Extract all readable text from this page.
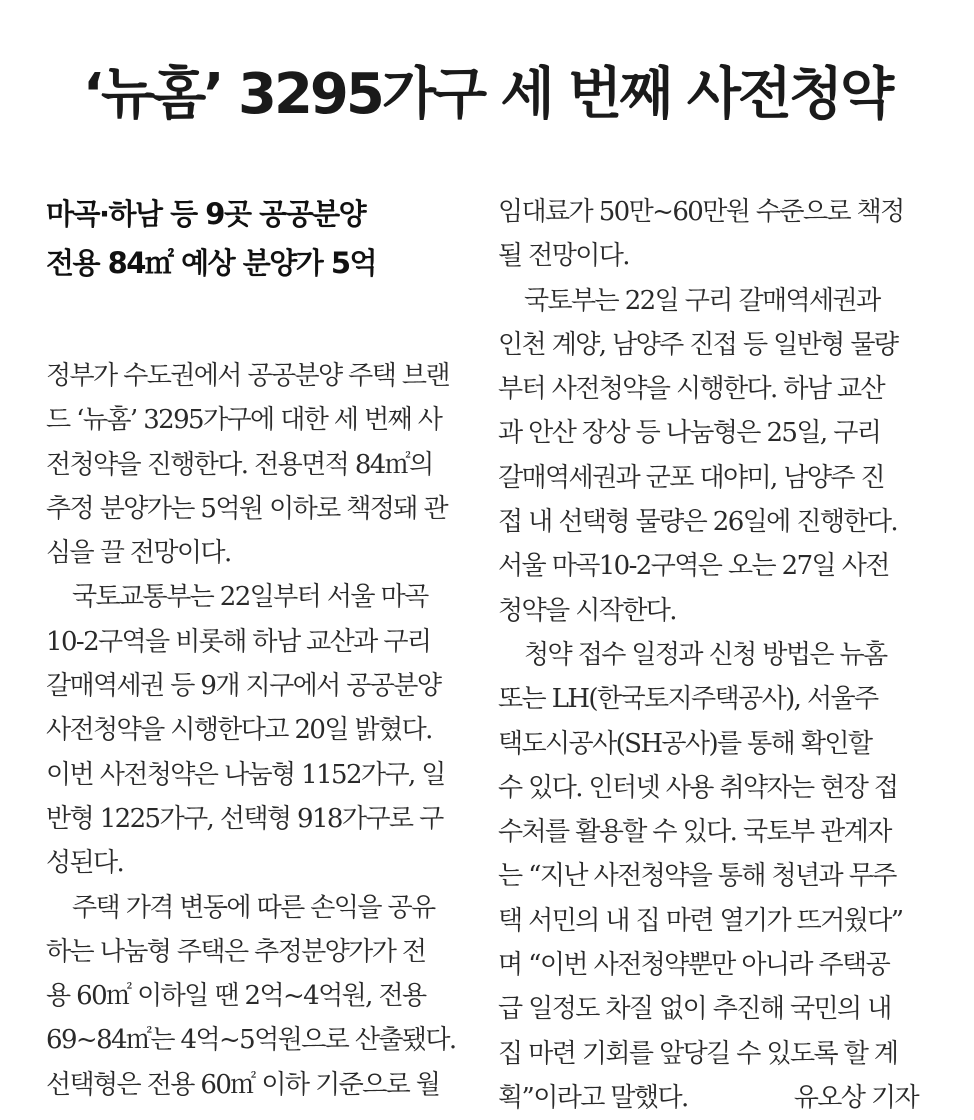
‘뉴홈’ 3295가구 세 번째 사전청약
마곡·하남 등 9곳 공공분양
전용 84㎡ 예상 분양가 5억
정부가 수도권에서 공공분양 주택 브랜
드 ‘뉴홈’ 3295가구에 대한 세 번째 사
전청약을 진행한다. 전용면적 84㎡의
추정 분양가는 5억원 이하로 책정돼 관
심을 끌 전망이다.
국토교통부는 22일부터 서울 마곡
10-2구역을 비롯해 하남 교산과 구리
갈매역세권 등 9개 지구에서 공공분양
사전청약을 시행한다고 20일 밝혔다.
이번 사전청약은 나눔형 1152가구, 일
반형 1225가구, 선택형 918가구로 구
성된다.
주택 가격 변동에 따른 손익을 공유
하는 나눔형 주택은 추정분양가가 전
용 60㎡ 이하일 땐 2억~4억원, 전용
69~84㎡는 4억~5억원으로 산출됐다.
선택형은 전용 60㎡ 이하 기준으로 월
임대료가 50만~60만원 수준으로 책정
될 전망이다.
국토부는 22일 구리 갈매역세권과
인천 계양, 남양주 진접 등 일반형 물량
부터 사전청약을 시행한다. 하남 교산
과 안산 장상 등 나눔형은 25일, 구리
갈매역세권과 군포 대야미, 남양주 진
접 내 선택형 물량은 26일에 진행한다.
서울 마곡10-2구역은 오는 27일 사전
청약을 시작한다.
청약 접수 일정과 신청 방법은 뉴홈
또는 LH(한국토지주택공사), 서울주
택도시공사(SH공사)를 통해 확인할
수 있다. 인터넷 사용 취약자는 현장 접
수처를 활용할 수 있다. 국토부 관계자
는 “지난 사전청약을 통해 청년과 무주
택 서민의 내 집 마련 열기가 뜨거웠다”
며 “이번 사전청약뿐만 아니라 주택공
급 일정도 차질 없이 추진해 국민의 내
집 마련 기회를 앞당길 수 있도록 할 계
획”이라고 말했다.	유오상 기자
